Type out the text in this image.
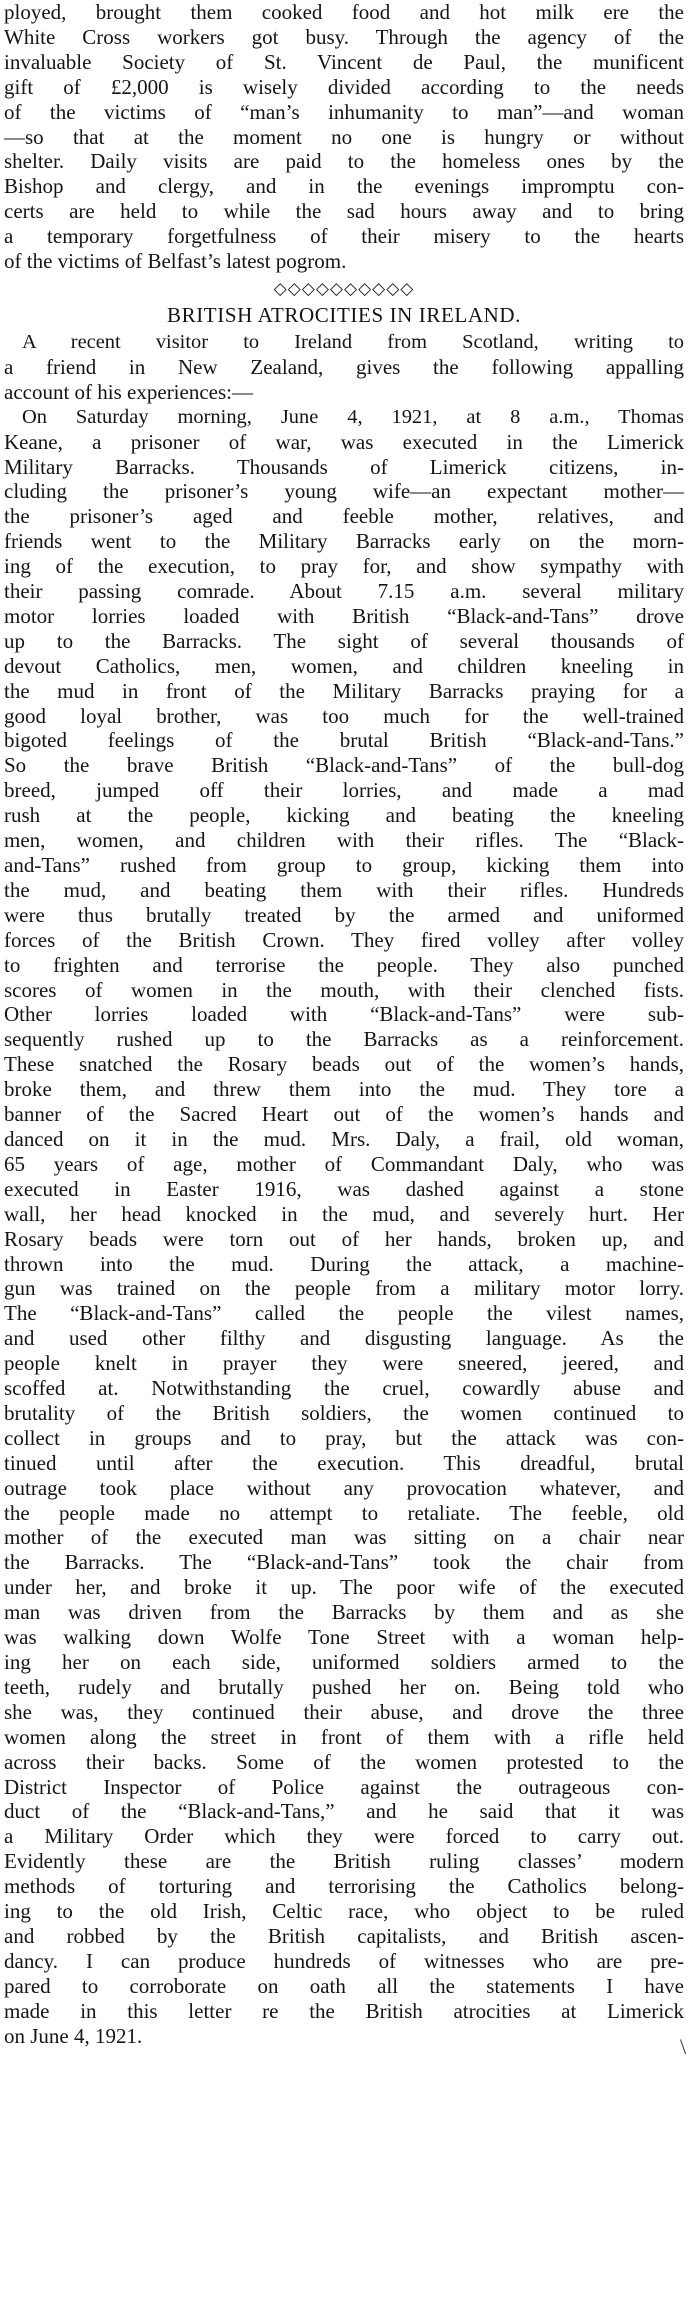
ployed, brought them cooked food and hot milk ere the
White Cross workers got busy. Through the agency of the
invaluable Society of St. Vincent de Paul, the munificent
gift of £2,000 is wisely divided according to the needs
of the victims of “man’s inhumanity to man”—and woman
—so that at the moment no one is hungry or without
shelter. Daily visits are paid to the homeless ones by the
Bishop and clergy, and in the evenings impromptu con-
certs are held to while the sad hours away and to bring
a temporary forgetfulness of their misery to the hearts
of the victims of Belfast’s latest pogrom.
◇◇◇◇◇◇◇◇◇◇
BRITISH ATROCITIES IN IRELAND.
A recent visitor to Ireland from Scotland, writing to
a friend in New Zealand, gives the following appalling
account of his experiences:—
On Saturday morning, June 4, 1921, at 8 a.m., Thomas
Keane, a prisoner of war, was executed in the Limerick
Military Barracks. Thousands of Limerick citizens, in-
cluding the prisoner’s young wife—an expectant mother—
the prisoner’s aged and feeble mother, relatives, and
friends went to the Military Barracks early on the morn-
ing of the execution, to pray for, and show sympathy with
their passing comrade. About 7.15 a.m. several military
motor lorries loaded with British “Black-and-Tans” drove
up to the Barracks. The sight of several thousands of
devout Catholics, men, women, and children kneeling in
the mud in front of the Military Barracks praying for a
good loyal brother, was too much for the well-trained
bigoted feelings of the brutal British “Black-and-Tans.”
So the brave British “Black-and-Tans” of the bull-dog
breed, jumped off their lorries, and made a mad
rush at the people, kicking and beating the kneeling
men, women, and children with their rifles. The “Black-
and-Tans” rushed from group to group, kicking them into
the mud, and beating them with their rifles. Hundreds
were thus brutally treated by the armed and uniformed
forces of the British Crown. They fired volley after volley
to frighten and terrorise the people. They also punched
scores of women in the mouth, with their clenched fists.
Other lorries loaded with “Black-and-Tans” were sub-
sequently rushed up to the Barracks as a reinforcement.
These snatched the Rosary beads out of the women’s hands,
broke them, and threw them into the mud. They tore a
banner of the Sacred Heart out of the women’s hands and
danced on it in the mud. Mrs. Daly, a frail, old woman,
65 years of age, mother of Commandant Daly, who was
executed in Easter 1916, was dashed against a stone
wall, her head knocked in the mud, and severely hurt. Her
Rosary beads were torn out of her hands, broken up, and
thrown into the mud. During the attack, a machine-
gun was trained on the people from a military motor lorry.
The “Black-and-Tans” called the people the vilest names,
and used other filthy and disgusting language. As the
people knelt in prayer they were sneered, jeered, and
scoffed at. Notwithstanding the cruel, cowardly abuse and
brutality of the British soldiers, the women continued to
collect in groups and to pray, but the attack was con-
tinued until after the execution. This dreadful, brutal
outrage took place without any provocation whatever, and
the people made no attempt to retaliate. The feeble, old
mother of the executed man was sitting on a chair near
the Barracks. The “Black-and-Tans” took the chair from
under her, and broke it up. The poor wife of the executed
man was driven from the Barracks by them and as she
was walking down Wolfe Tone Street with a woman help-
ing her on each side, uniformed soldiers armed to the
teeth, rudely and brutally pushed her on. Being told who
she was, they continued their abuse, and drove the three
women along the street in front of them with a rifle held
across their backs. Some of the women protested to the
District Inspector of Police against the outrageous con-
duct of the “Black-and-Tans,” and he said that it was
a Military Order which they were forced to carry out.
Evidently these are the British ruling classes’ modern
methods of torturing and terrorising the Catholics belong-
ing to the old Irish, Celtic race, who object to be ruled
and robbed by the British capitalists, and British ascen-
dancy. I can produce hundreds of witnesses who are pre-
pared to corroborate on oath all the statements I have
made in this letter re the British atrocities at Limerick
on June 4, 1921.	\
